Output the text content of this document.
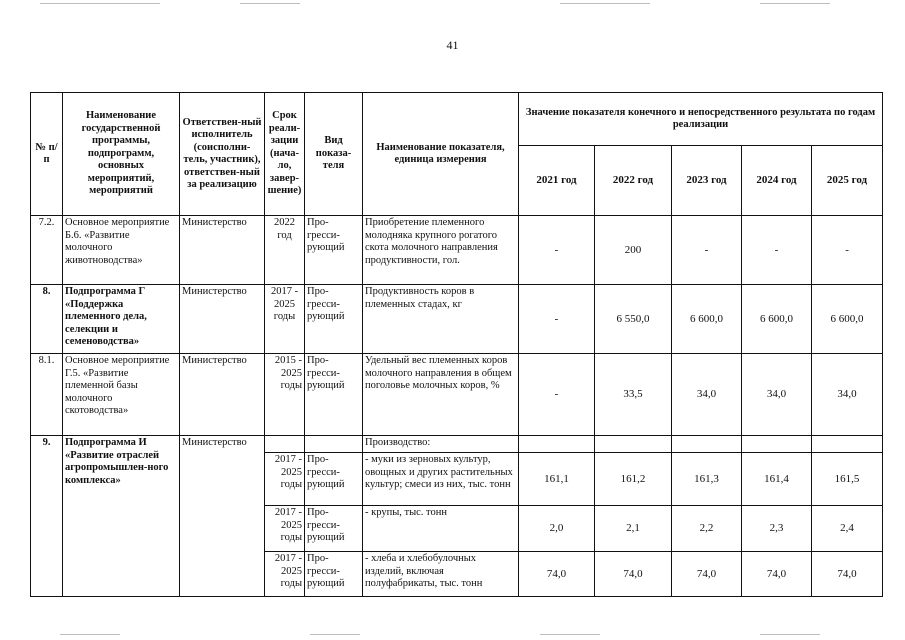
41
№ п/п	Наименование государственной программы, подпрограмм, основных мероприятий, мероприятий	Ответствен-ный исполнитель (соисполни-тель, участник), ответствен-ный за реализацию	Срок реали-зации (нача-ло, завер-шение)	Вид показа-теля	Наименование показателя, единица измерения	Значение показателя конечного и непосредственного результата по годам реализации				
						2021 год	2022 год	2023 год	2024 год	2025 год
7.2.	Основное мероприятие Б.6. «Развитие молочного животноводства»	Министерство	2022 год	Про-гресси-рующий	Приобретение племенного молодняка крупного рогатого скота молочного направления продуктивности, гол.	-	200	-	-	-
8.	Подпрограмма Г «Поддержка племенного дела, селекции и семеноводства»	Министерство	2017 - 2025 годы	Про-гресси-рующий	Продуктивность коров в племенных стадах, кг	-	6 550,0	6 600,0	6 600,0	6 600,0
8.1.	Основное мероприятие Г.5. «Развитие племенной базы молочного скотоводства»	Министерство	2015 - 2025 годы	Про-гресси-рующий	Удельный вес племенных коров молочного направления в общем поголовье молочных коров, %	-	33,5	34,0	34,0	34,0
9.	Подпрограмма И «Развитие отраслей агропромышлен-ного комплекса»	Министерство			Производство:					
			2017 - 2025 годы	Про-гресси-рующий	- муки из зерновых культур, овощных и других растительных культур; смеси из них, тыс. тонн	161,1	161,2	161,3	161,4	161,5
			2017 - 2025 годы	Про-гресси-рующий	- крупы, тыс. тонн	2,0	2,1	2,2	2,3	2,4
			2017 - 2025 годы	Про-гресси-рующий	- хлеба и хлебобулочных изделий, включая полуфабрикаты, тыс. тонн	74,0	74,0	74,0	74,0	74,0
